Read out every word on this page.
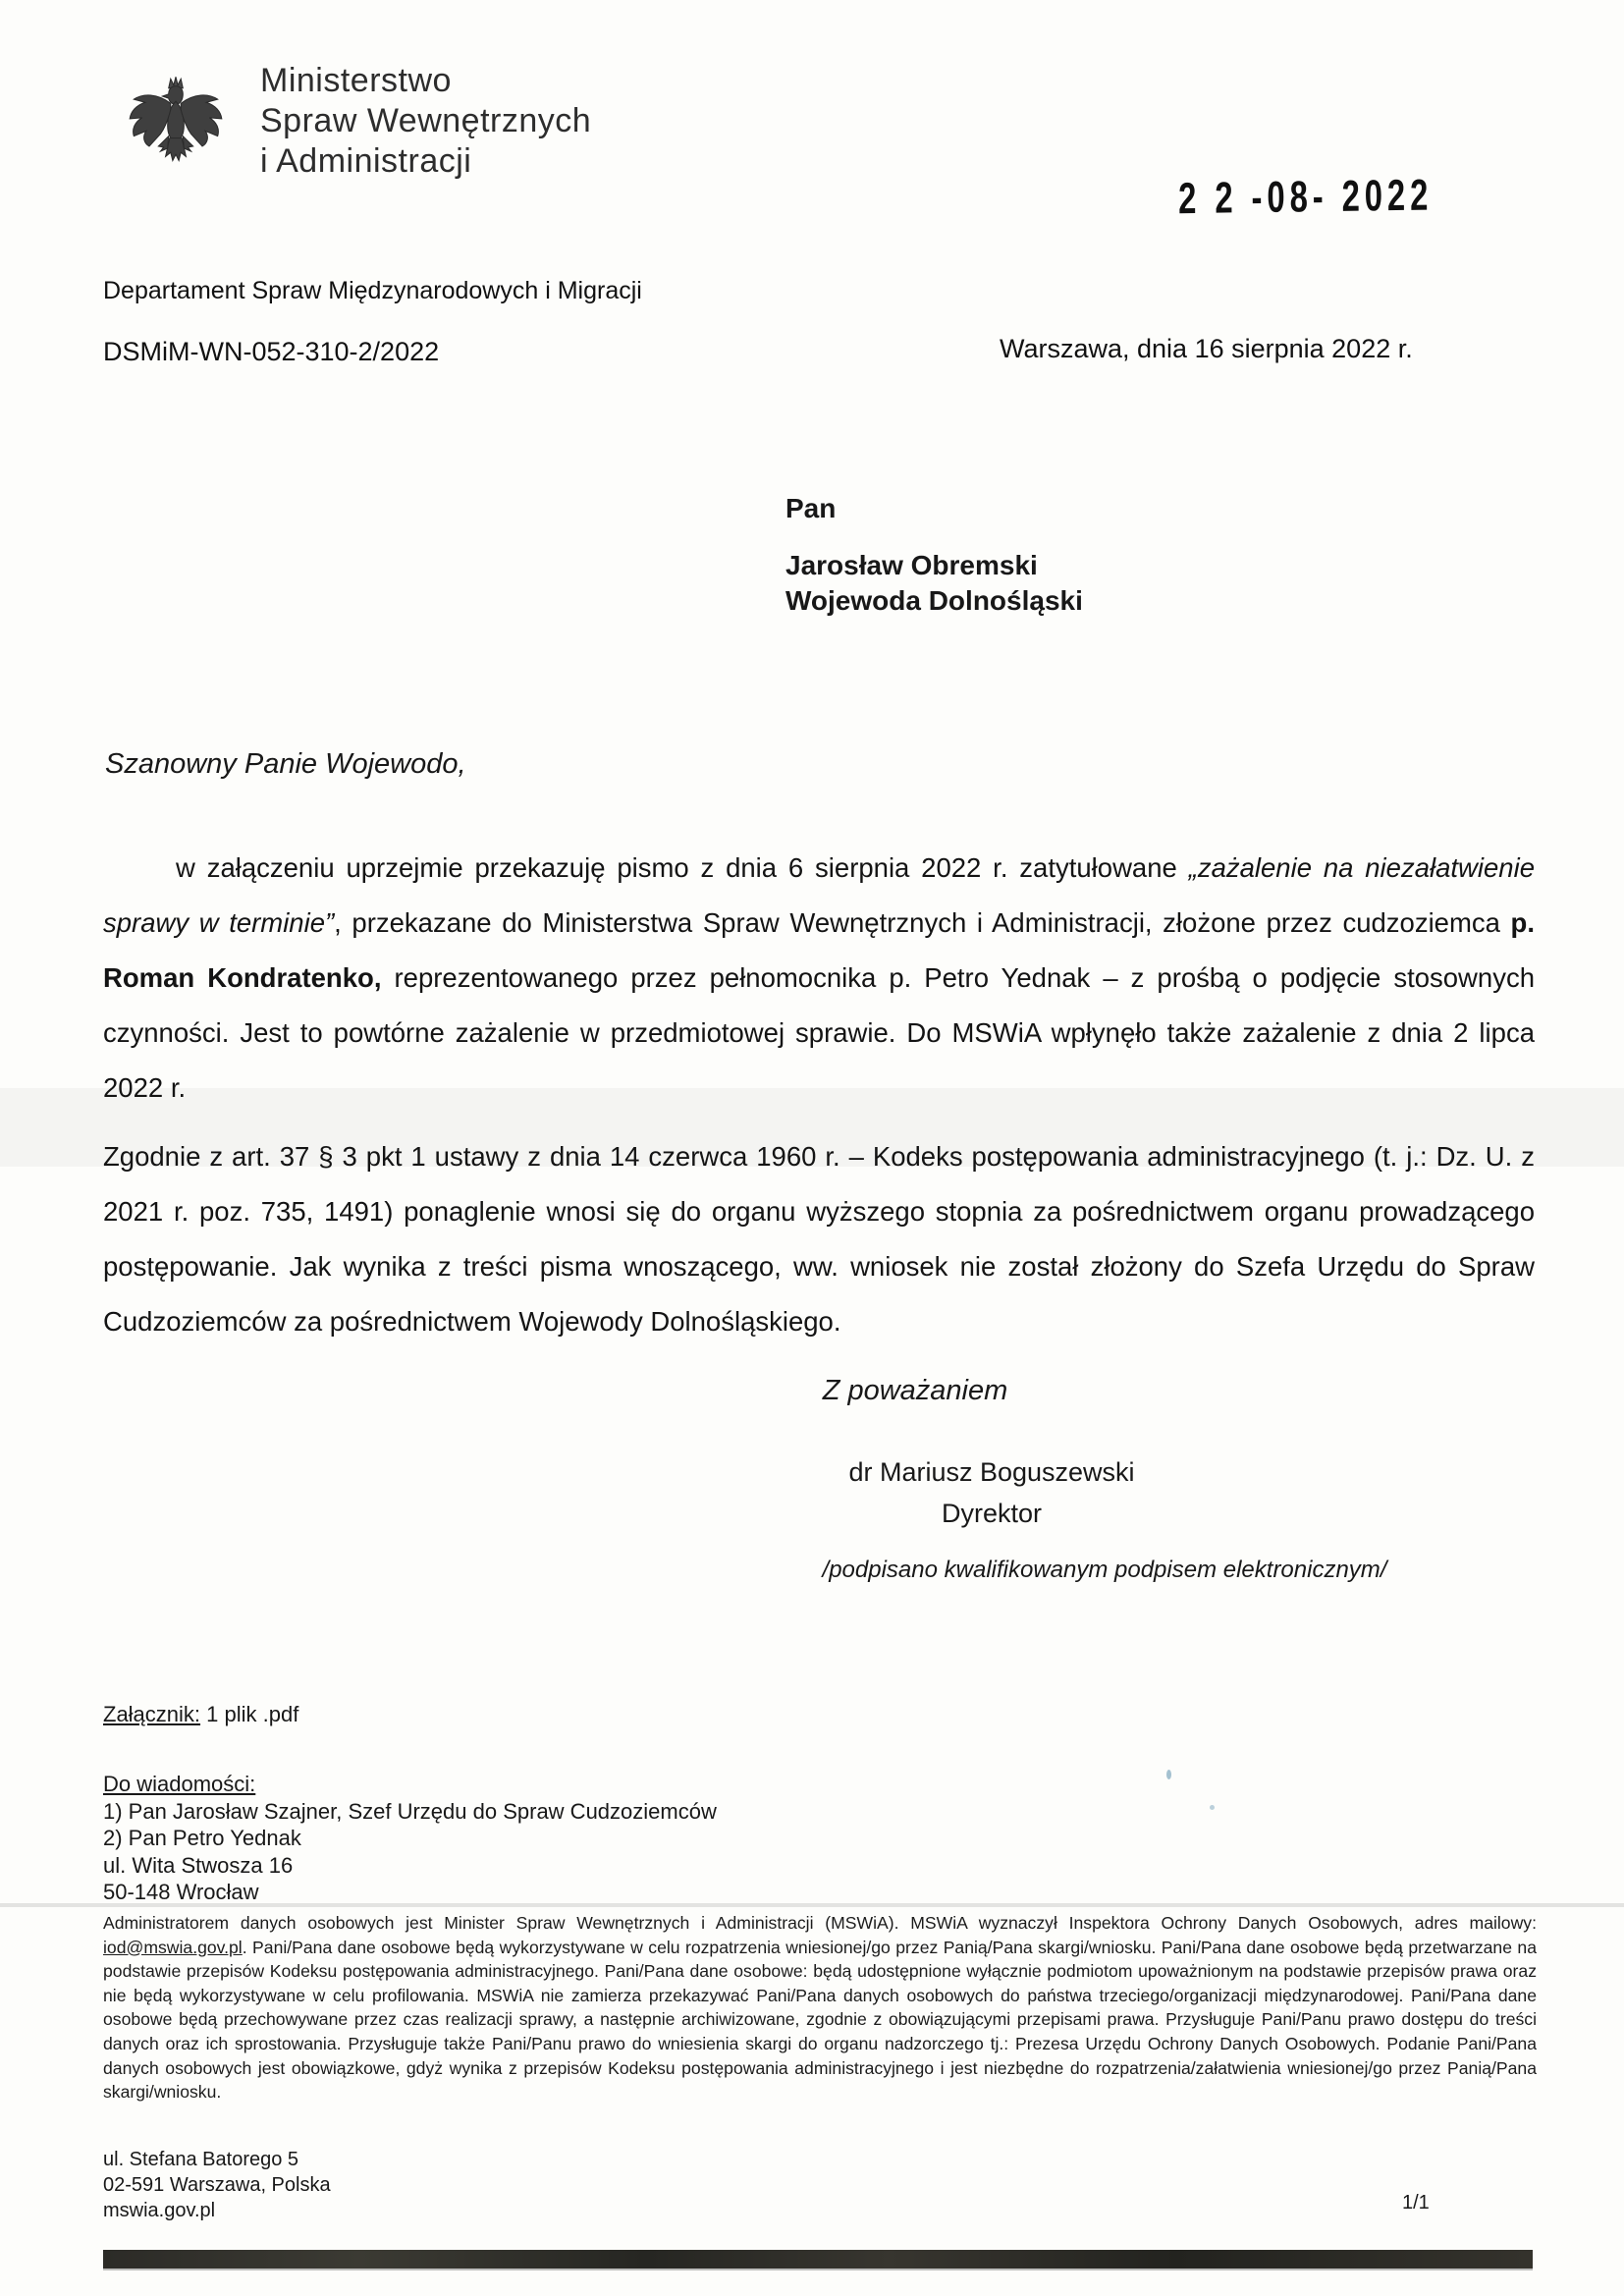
Ministerstwo
Spraw Wewnętrznych
i Administracji
2 2 -08- 2022
Departament Spraw Międzynarodowych i Migracji
DSMiM-WN-052-310-2/2022	Warszawa, dnia 16 sierpnia 2022 r.
Pan
Jarosław Obremski
Wojewoda Dolnośląski
Szanowny Panie Wojewodo,

w załączeniu uprzejmie przekazuję pismo z dnia 6 sierpnia 2022 r. zatytułowane „zażalenie na niezałatwienie sprawy w terminie”, przekazane do Ministerstwa Spraw Wewnętrznych i Administracji, złożone przez cudzoziemca p. Roman Kondratenko, reprezentowanego przez pełnomocnika p. Petro Yednak – z prośbą o podjęcie stosownych czynności. Jest to powtórne zażalenie w przedmiotowej sprawie. Do MSWiA wpłynęło także zażalenie z dnia 2 lipca 2022 r.

Zgodnie z art. 37 § 3 pkt 1 ustawy z dnia 14 czerwca 1960 r. – Kodeks postępowania administracyjnego (t. j.: Dz. U. z 2021 r. poz. 735, 1491) ponaglenie wnosi się do organu wyższego stopnia za pośrednictwem organu prowadzącego postępowanie. Jak wynika z treści pisma wnoszącego, ww. wniosek nie został złożony do Szefa Urzędu do Spraw Cudzoziemców za pośrednictwem Wojewody Dolnośląskiego.

Z poważaniem
dr Mariusz Boguszewski
Dyrektor
/podpisano kwalifikowanym podpisem elektronicznym/
Załącznik: 1 plik .pdf
Do wiadomości:
1) Pan Jarosław Szajner, Szef Urzędu do Spraw Cudzoziemców
2) Pan Petro Yednak
ul. Wita Stwosza 16
50-148 Wrocław

Administratorem danych osobowych jest Minister Spraw Wewnętrznych i Administracji (MSWiA). MSWiA wyznaczył Inspektora Ochrony Danych Osobowych, adres mailowy: iod@mswia.gov.pl. Pani/Pana dane osobowe będą wykorzystywane w celu rozpatrzenia wniesionej/go przez Panią/Pana skargi/wniosku. Pani/Pana dane osobowe będą przetwarzane na podstawie przepisów Kodeksu postępowania administracyjnego. Pani/Pana dane osobowe: będą udostępnione wyłącznie podmiotom upoważnionym na podstawie przepisów prawa oraz nie będą wykorzystywane w celu profilowania. MSWiA nie zamierza przekazywać Pani/Pana danych osobowych do państwa trzeciego/organizacji międzynarodowej. Pani/Pana dane osobowe będą przechowywane przez czas realizacji sprawy, a następnie archiwizowane, zgodnie z obowiązującymi przepisami prawa. Przysługuje Pani/Panu prawo dostępu do treści danych oraz ich sprostowania. Przysługuje także Pani/Panu prawo do wniesienia skargi do organu nadzorczego tj.: Prezesa Urzędu Ochrony Danych Osobowych. Podanie Pani/Pana danych osobowych jest obowiązkowe, gdyż wynika z przepisów Kodeksu postępowania administracyjnego i jest niezbędne do rozpatrzenia/załatwienia wniesionej/go przez Panią/Pana skargi/wniosku.

ul. Stefana Batorego 5
02-591 Warszawa, Polska
mswia.gov.pl	1/1
